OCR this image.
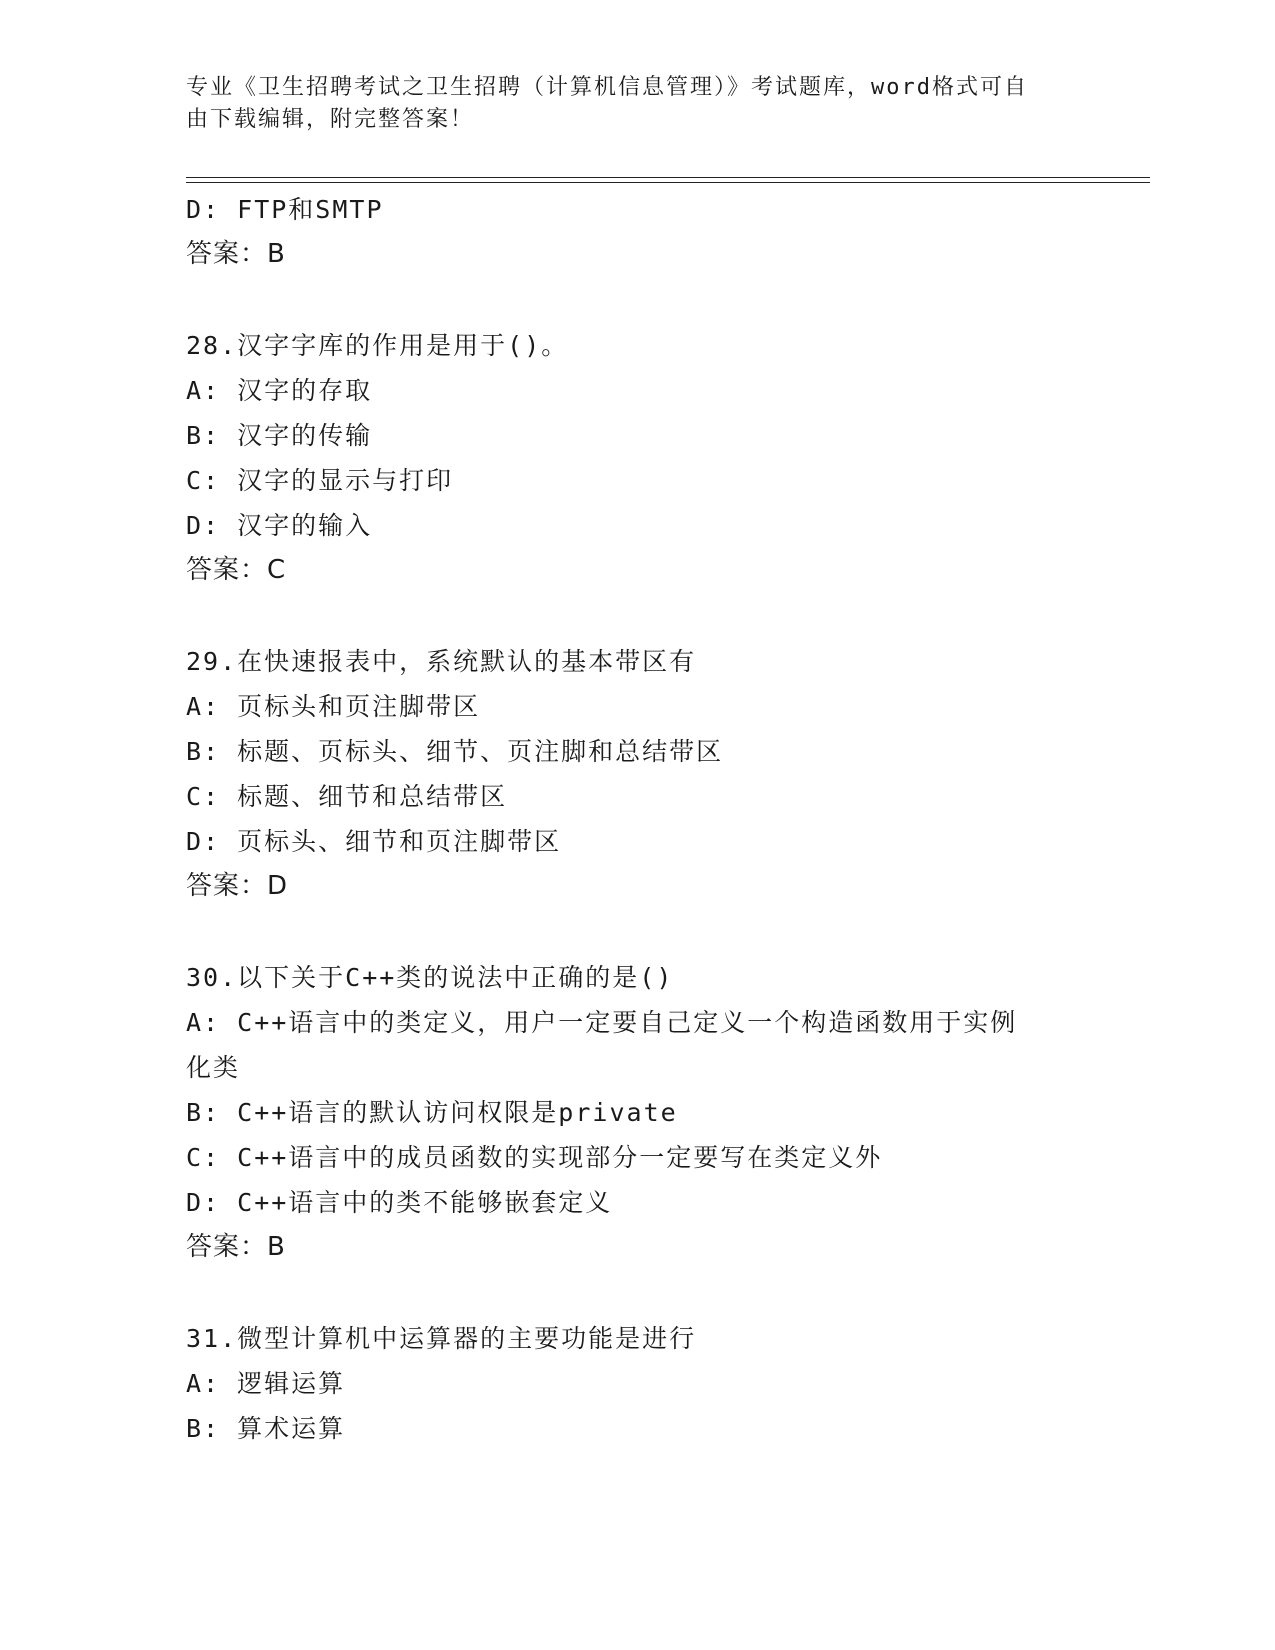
专业《卫生招聘考试之卫生招聘（计算机信息管理）》考试题库，word格式可自
由下载编辑，附完整答案！
D: FTP和SMTP
答案：B
28.汉字字库的作用是用于()。
A: 汉字的存取
B: 汉字的传输
C: 汉字的显示与打印
D: 汉字的输入
答案：C
29.在快速报表中，系统默认的基本带区有
A: 页标头和页注脚带区
B: 标题、页标头、细节、页注脚和总结带区
C: 标题、细节和总结带区
D: 页标头、细节和页注脚带区
答案：D
30.以下关于C++类的说法中正确的是()
A: C++语言中的类定义，用户一定要自己定义一个构造函数用于实例
化类
B: C++语言的默认访问权限是private
C: C++语言中的成员函数的实现部分一定要写在类定义外
D: C++语言中的类不能够嵌套定义
答案：B
31.微型计算机中运算器的主要功能是进行
A: 逻辑运算
B: 算术运算
